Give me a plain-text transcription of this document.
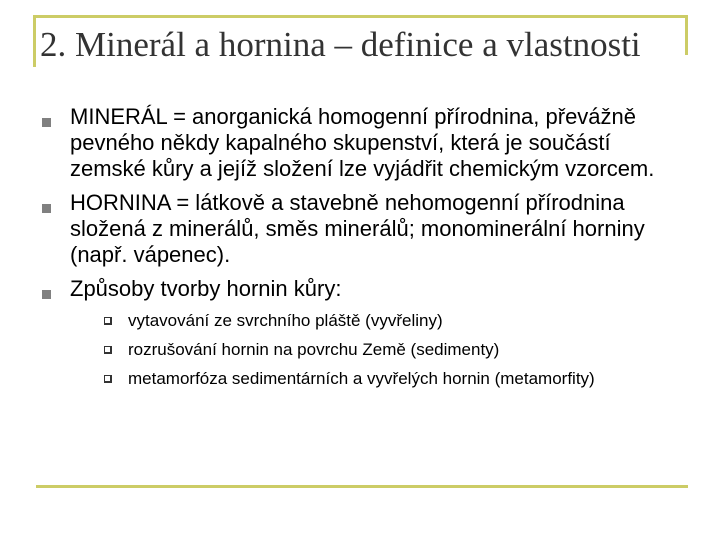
2. Minerál a hornina – definice a vlastnosti
MINERÁL = anorganická homogenní přírodnina, převážně pevného někdy kapalného skupenství, která je součástí zemské kůry a jejíž složení lze vyjádřit chemickým vzorcem.
HORNINA = látkově a stavebně nehomogenní přírodnina složená z minerálů, směs minerálů; monominerální horniny (např. vápenec).
Způsoby tvorby hornin kůry:
vytavování ze svrchního pláště (vyvřeliny)
rozrušování hornin na povrchu Země (sedimenty)
metamorfóza sedimentárních a vyvřelých hornin (metamorfity)
